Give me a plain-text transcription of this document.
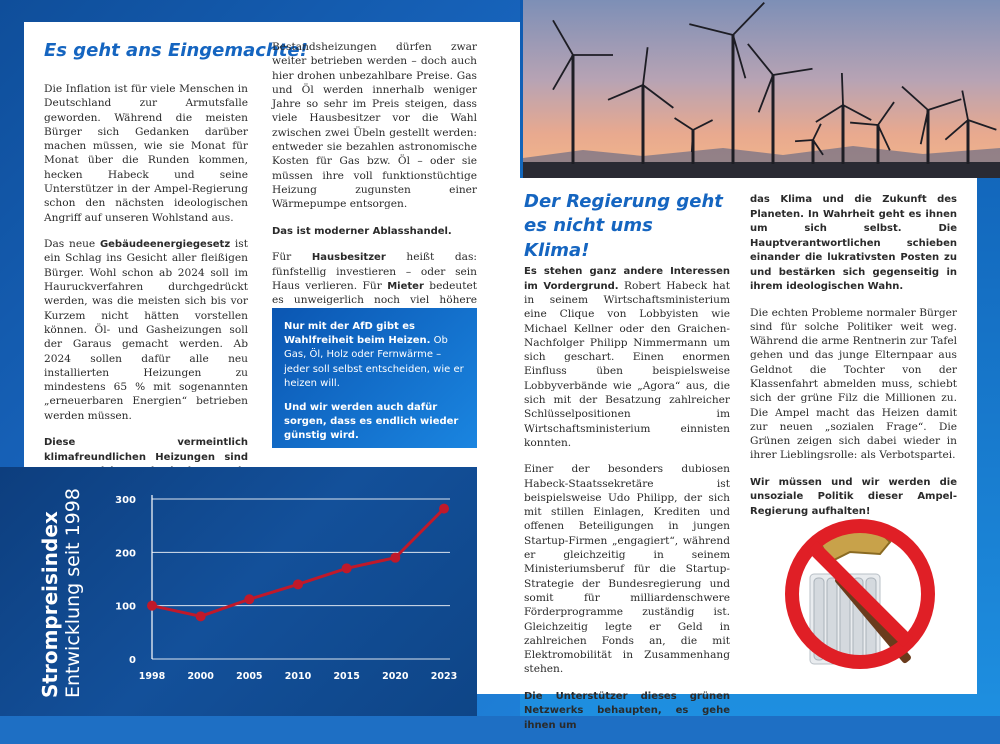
Es geht ans Eingemachte!

Die Inflation ist für viele Menschen in Deutschland zur Armutsfalle geworden. Während die meisten Bürger sich Gedanken darüber machen müssen, wie sie Monat für Monat über die Runden kommen, hecken Habeck und seine Unterstützer in der Ampel-Regierung schon den nächsten ideologischen Angriff auf unseren Wohlstand aus.

Das neue Gebäudeenergiegesetz ist ein Schlag ins Gesicht aller fleißigen Bürger. Wohl schon ab 2024 soll im Hauruckverfahren durchgedrückt werden, was die meisten sich bis vor Kurzem nicht hätten vorstellen können. Öl- und Gasheizungen soll der Garaus gemacht werden. Ab 2024 sollen dafür alle neu installierten Heizungen zu mindestens 65 % mit sogenannten „erneuerbaren Energien“ betrieben werden müssen.

Diese vermeintlich klimafreundlichen Heizungen sind

Bestandsheizungen dürfen zwar weiter betrieben werden – doch auch hier drohen unbezahlbare Preise. Gas und Öl werden innerhalb weniger Jahre so sehr im Preis steigen, dass viele Hausbesitzer vor die Wahl zwischen zwei Übeln gestellt werden: entweder sie bezahlen astronomische Kosten für Gas bzw. Öl – oder sie müssen ihre voll funktionstüchtige Heizung zugunsten einer Wärmepumpe entsorgen.

Das ist moderner Ablasshandel.

Für Hausbesitzer heißt das: fünfstellig investieren – oder sein Haus verlieren. Für Mieter bedeutet es unweigerlich noch viel höhere

Nur mit der AfD gibt es Wahlfreiheit beim Heizen. Ob Gas, Öl, Holz oder Fernwärme – jeder soll selbst entscheiden, wie er heizen will.

Und wir werden auch dafür sorgen, dass es endlich wieder günstig wird.

0
100
200
300
1998 2000 2005 2010 2015 2020 2023
Strompreisindex Entwicklung seit 1998
Der Regierung geht es nicht ums Klima!

Es stehen ganz andere Interessen im Vordergrund. Robert Habeck hat in seinem Wirtschaftsministerium eine Clique von Lobbyisten wie Michael Kellner oder den Graichen-Nachfolger Philipp Nimmermann um sich geschart. Einen enormen Einfluss üben beispielsweise Lobbyverbände wie „Agora“ aus, die sich mit der Besatzung zahlreicher Schlüsselpositionen im Wirtschaftsministerium einnisten konnten.

Einer der besonders dubiosen Habeck-Staatssekretäre ist beispielsweise Udo Philipp, der sich mit stillen Einlagen, Krediten und offenen Beteiligungen in jungen Startup-Firmen „engagiert“, während er gleichzeitig in seinem Ministeriumsberuf für die Startup-Strategie der Bundesregierung und somit für milliardenschwere Förderprogramme zuständig ist. Gleichzeitig legte er Geld in zahlreichen Fonds an, die mit Elektromobilität in Zusammenhang stehen.

Die Unterstützer dieses grünen Netzwerks behaupten, es gehe ihnen um

das Klima und die Zukunft des Planeten. In Wahrheit geht es ihnen um sich selbst. Die Hauptverantwortlichen schieben einander die lukrativsten Posten zu und bestärken sich gegenseitig in ihrem ideologischen Wahn.

Die echten Probleme normaler Bürger sind für solche Politiker weit weg. Während die arme Rentnerin zur Tafel gehen und das junge Elternpaar aus Geldnot die Tochter von der Klassenfahrt abmelden muss, schiebt sich der grüne Filz die Millionen zu. Die Ampel macht das Heizen damit zur neuen „sozialen Frage“. Die Grünen zeigen sich dabei wieder in ihrer Lieblingsrolle: als Verbotspartei.

Wir müssen und wir werden die unsoziale Politik dieser Ampel-Regierung aufhalten!
